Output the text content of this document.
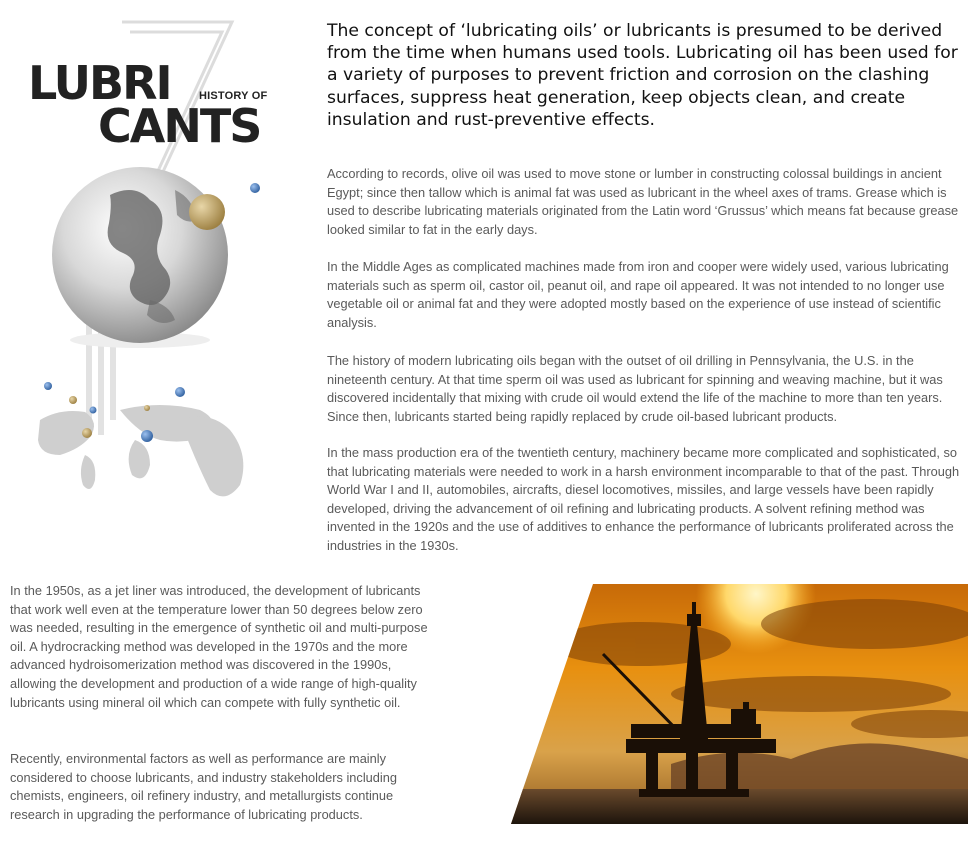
LUBRI	HISTORY OF
CANTS

The concept of ‘lubricating oils’ or lubricants is presumed to be derived from the time when humans used tools. Lubricating oil has been used for a variety of purposes to prevent friction and corrosion on the clashing surfaces, suppress heat generation, keep objects clean, and create insulation and rust-preventive effects.

According to records, olive oil was used to move stone or lumber in constructing colossal buildings in ancient Egypt; since then tallow which is animal fat was used as lubricant in the wheel axes of trams. Grease which is used to describe lubricating materials originated from the Latin word ‘Grussus’ which means fat because grease looked similar to fat in the early days.

In the Middle Ages as complicated machines made from iron and cooper were widely used, various lubricating materials such as sperm oil, castor oil, peanut oil, and rape oil appeared. It was not intended to no longer use vegetable oil or animal fat and they were adopted mostly based on the experience of use instead of scientific analysis.

The history of modern lubricating oils began with the outset of oil drilling in Pennsylvania, the U.S. in the nineteenth century. At that time sperm oil was used as lubricant for spinning and weaving machine, but it was discovered incidentally that mixing with crude oil would extend the life of the machine to more than ten years. Since then, lubricants started being rapidly replaced by crude oil-based lubricant products.

In the mass production era of the twentieth century, machinery became more complicated and sophisticated, so that lubricating materials were needed to work in a harsh environment incomparable to that of the past. Through World War I and II, automobiles, aircrafts, diesel locomotives, missiles, and large vessels have been rapidly developed, driving the advancement of oil refining and lubricating products. A solvent refining method was invented in the 1920s and the use of additives to enhance the performance of lubricants proliferated across the industries in the 1930s.

In the 1950s, as a jet liner was introduced, the development of lubricants that work well even at the temperature lower than 50 degrees below zero was needed, resulting in the emergence of synthetic oil and multi-purpose oil. A hydrocracking method was developed in the 1970s and the more advanced hydroisomerization method was discovered in the 1990s, allowing the development and production of a wide range of high-quality lubricants using mineral oil which can compete with fully synthetic oil.

Recently, environmental factors as well as performance are mainly considered to choose lubricants, and industry stakeholders including chemists, engineers, oil refinery industry, and metallurgists continue research in upgrading the performance of lubricating products.
